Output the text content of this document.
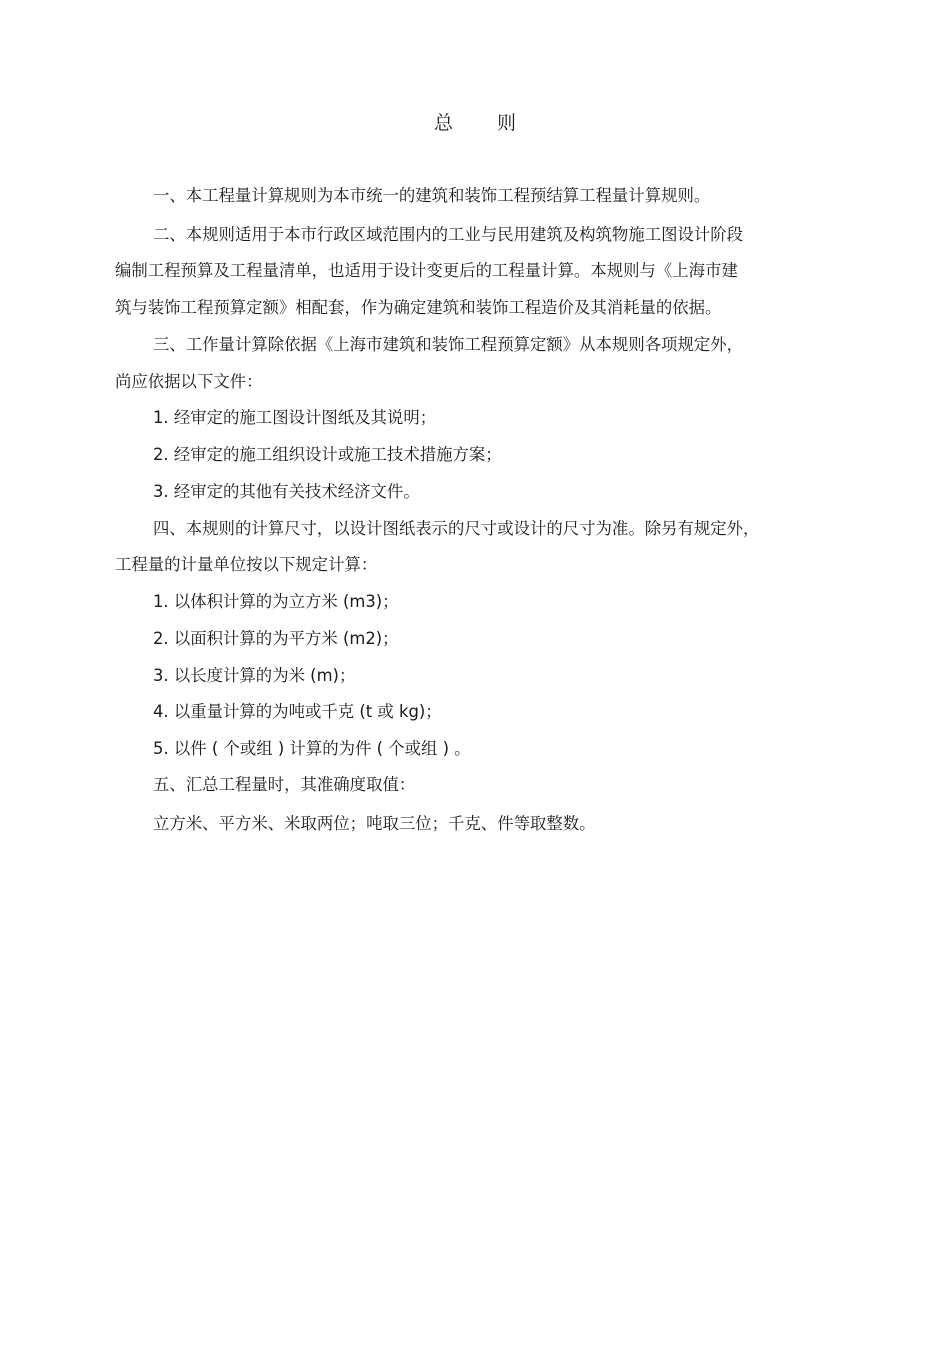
总则
一、本工程量计算规则为本市统一的建筑和装饰工程预结算工程量计算规则。
二、本规则适用于本市行政区域范围内的工业与民用建筑及构筑物施工图设计阶段
编制工程预算及工程量清单，也适用于设计变更后的工程量计算。本规则与《上海市建
筑与装饰工程预算定额》相配套，作为确定建筑和装饰工程造价及其消耗量的依据。
三、工作量计算除依据《上海市建筑和装饰工程预算定额》从本规则各项规定外，
尚应依据以下文件：
1. 经审定的施工图设计图纸及其说明；
2. 经审定的施工组织设计或施工技术措施方案；
3. 经审定的其他有关技术经济文件。
四、本规则的计算尺寸，以设计图纸表示的尺寸或设计的尺寸为准。除另有规定外，
工程量的计量单位按以下规定计算：
1. 以体积计算的为立方米 (m3)；
2. 以面积计算的为平方米 (m2)；
3. 以长度计算的为米 (m)；
4. 以重量计算的为吨或千克 (t 或 kg)；
5. 以件 ( 个或组 ) 计算的为件 ( 个或组 ) 。
五、汇总工程量时，其准确度取值：
立方米、平方米、米取两位；吨取三位；千克、件等取整数。
